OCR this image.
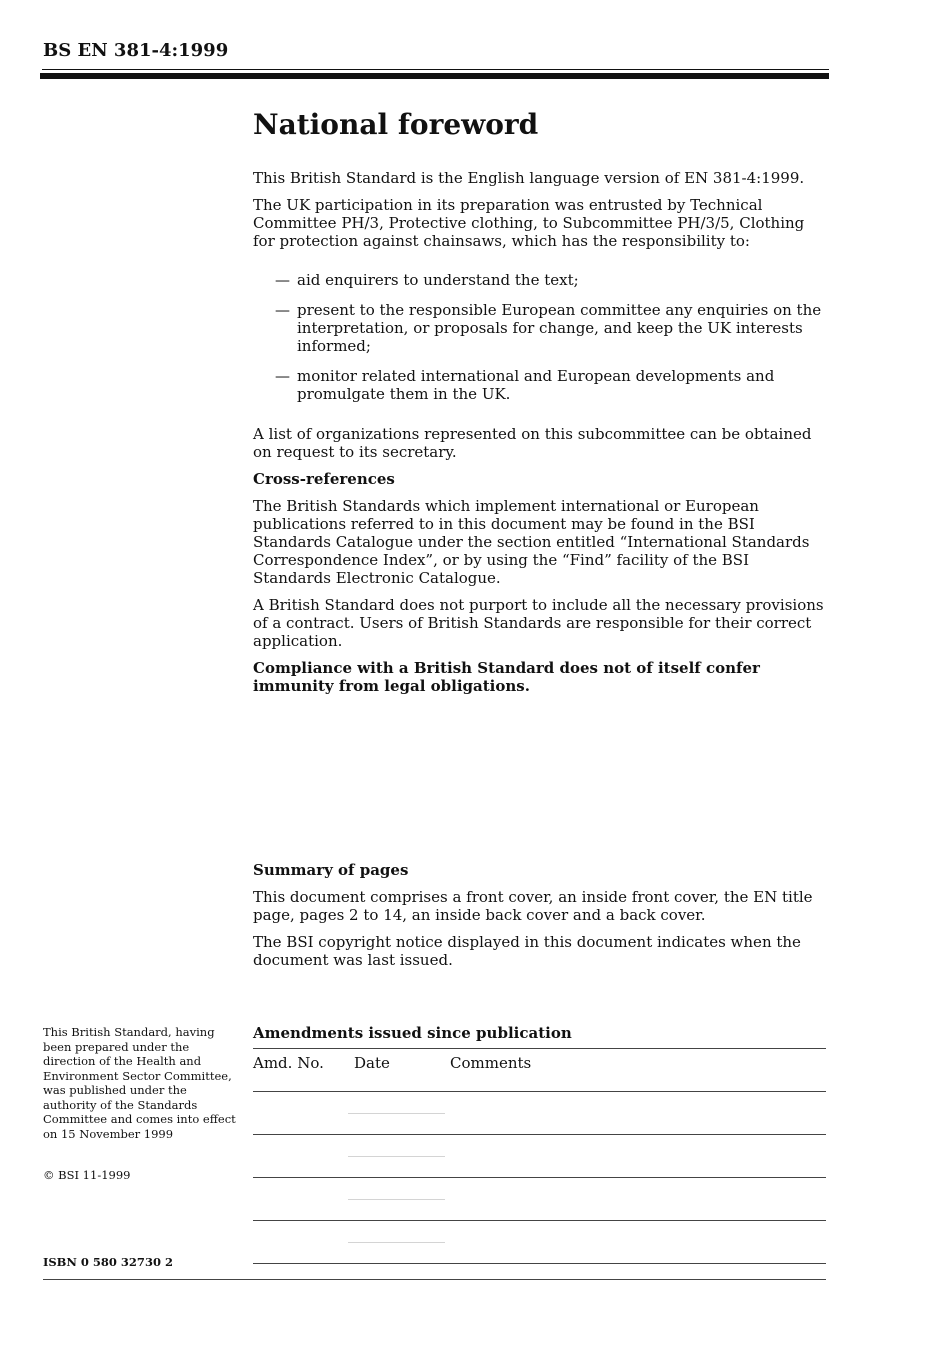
BS EN 381-4:1999
National foreword

This British Standard is the English language version of EN 381-4:1999.

The UK participation in its preparation was entrusted by Technical Committee PH/3, Protective clothing, to Subcommittee PH/3/5, Clothing for protection against chainsaws, which has the responsibility to:

— aid enquirers to understand the text;
— present to the responsible European committee any enquiries on the interpretation, or proposals for change, and keep the UK interests informed;
— monitor related international and European developments and promulgate them in the UK.

A list of organizations represented on this subcommittee can be obtained on request to its secretary.

Cross-references

The British Standards which implement international or European publications referred to in this document may be found in the BSI Standards Catalogue under the section entitled “International Standards Correspondence Index”, or by using the “Find” facility of the BSI Standards Electronic Catalogue.

A British Standard does not purport to include all the necessary provisions of a contract. Users of British Standards are responsible for their correct application.

Compliance with a British Standard does not of itself confer immunity from legal obligations.

Summary of pages

This document comprises a front cover, an inside front cover, the EN title page, pages 2 to 14, an inside back cover and a back cover.

The BSI copyright notice displayed in this document indicates when the document was last issued.

This British Standard, having been prepared under the direction of the Health and Environment Sector Committee, was published under the authority of the Standards Committee and comes into effect on 15 November 1999
© BSI 11-1999
ISBN 0 580 32730 2
Amendments issued since publication
Amd. No. Date	Comments
